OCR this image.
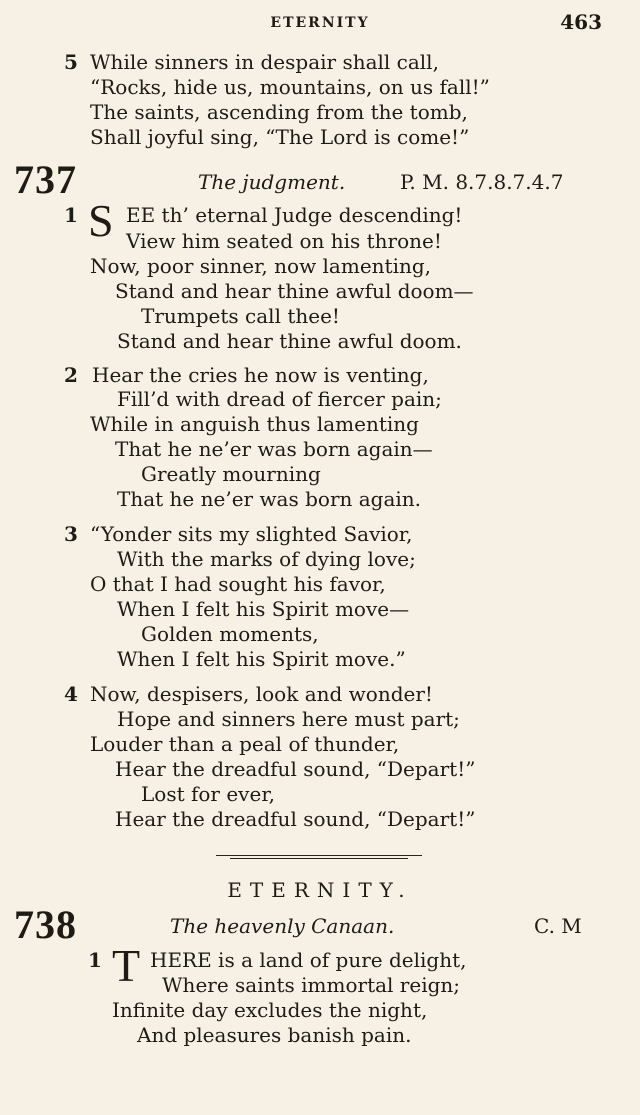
ETERNITY	463
5 While sinners in despair shall call,
“Rocks, hide us, mountains, on us fall!”
The saints, ascending from the tomb,
Shall joyful sing, “The Lord is come!”
737	The judgment.	P. M. 8.7.8.7.4.7
1 S EE th’ eternal Judge descending!
View him seated on his throne!
Now, poor sinner, now lamenting,
Stand and hear thine awful doom—
Trumpets call thee!
Stand and hear thine awful doom.
2 Hear the cries he now is venting,
Fill’d with dread of fiercer pain;
While in anguish thus lamenting
That he ne’er was born again—
Greatly mourning
That he ne’er was born again.
3 “Yonder sits my slighted Savior,
With the marks of dying love;
O that I had sought his favor,
When I felt his Spirit move—
Golden moments,
When I felt his Spirit move.”
4 Now, despisers, look and wonder!
Hope and sinners here must part;
Louder than a peal of thunder,
Hear the dreadful sound, “Depart!”
Lost for ever,
Hear the dreadful sound, “Depart!”
ETERNITY.
738	The heavenly Canaan.	C. M
1 T HERE is a land of pure delight,
Where saints immortal reign;
Infinite day excludes the night,
And pleasures banish pain.
